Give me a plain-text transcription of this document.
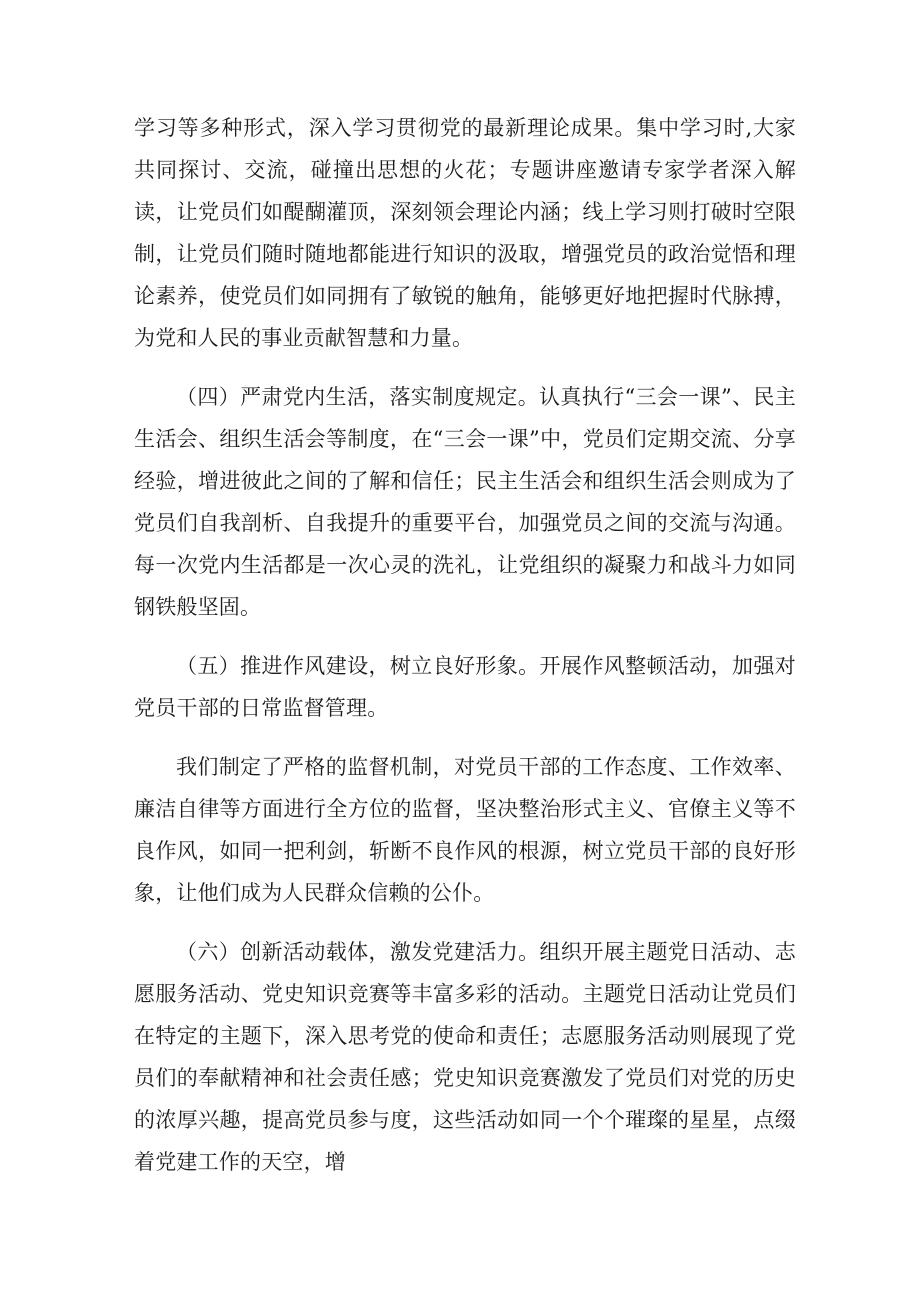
学习等多种形式，深入学习贯彻党的最新理论成果。集中学习时,大家共同探讨、交流，碰撞出思想的火花；专题讲座邀请专家学者深入解读，让党员们如醍醐灌顶，深刻领会理论内涵；线上学习则打破时空限制，让党员们随时随地都能进行知识的汲取，增强党员的政治觉悟和理论素养，使党员们如同拥有了敏锐的触角，能够更好地把握时代脉搏，为党和人民的事业贡献智慧和力量。

（四）严肃党内生活，落实制度规定。认真执行“三会一课”、民主生活会、组织生活会等制度，在“三会一课”中，党员们定期交流、分享经验，增进彼此之间的了解和信任；民主生活会和组织生活会则成为了党员们自我剖析、自我提升的重要平台，加强党员之间的交流与沟通。每一次党内生活都是一次心灵的洗礼，让党组织的凝聚力和战斗力如同钢铁般坚固。

（五）推进作风建设，树立良好形象。开展作风整顿活动，加强对党员干部的日常监督管理。

我们制定了严格的监督机制，对党员干部的工作态度、工作效率、廉洁自律等方面进行全方位的监督，坚决整治形式主义、官僚主义等不良作风，如同一把利剑，斩断不良作风的根源，树立党员干部的良好形象，让他们成为人民群众信赖的公仆。

（六）创新活动载体，激发党建活力。组织开展主题党日活动、志愿服务活动、党史知识竞赛等丰富多彩的活动。主题党日活动让党员们在特定的主题下，深入思考党的使命和责任；志愿服务活动则展现了党员们的奉献精神和社会责任感；党史知识竞赛激发了党员们对党的历史的浓厚兴趣，提高党员参与度，这些活动如同一个个璀璨的星星，点缀着党建工作的天空，增
